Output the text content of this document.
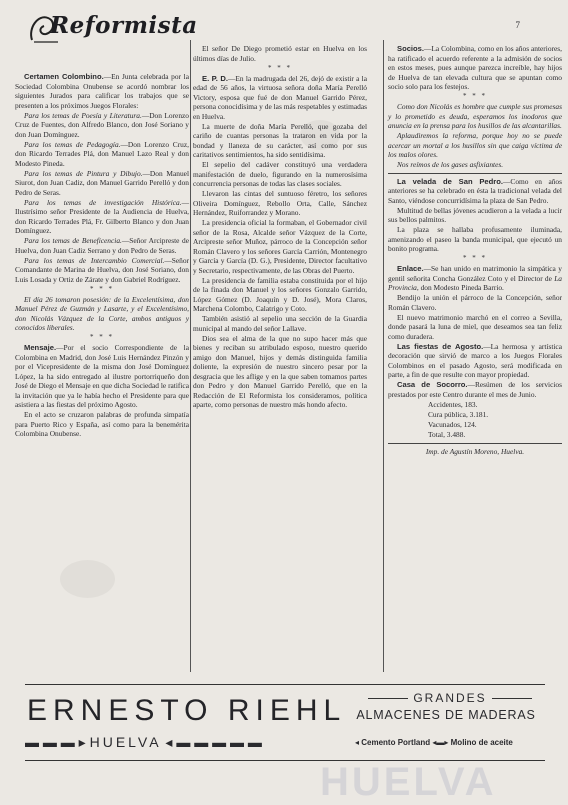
Reformista	7

Certamen Colombino.—En Junta celebrada por la Sociedad Colombina Onubense se acordó nombrar los siguientes Jurados para calificar los trabajos que se presenten a los próximos Juegos Florales:

Para los temas de Poesía y Literatura.—Don Lorenzo Cruz de Fuentes, don Alfredo Blanco, don José Soriano y don Juan Domínguez.

Para los temas de Pedagogía.—Don Lorenzo Cruz, don Ricardo Terrades Plá, don Manuel Lazo Real y don Modesto Pineda.

Para los temas de Pintura y Dibujo.—Don Manuel Siurot, don Juan Cadiz, don Manuel Garrido Perelló y don Pedro de Seras.

Para los temas de investigación Histórica.—Ilustrísimo señor Presidente de la Audiencia de Huelva, don Ricardo Terrades Plá, Fr. Gilberto Blanco y don Juan Domínguez.

Para los temas de Beneficencia.—Señor Arcipreste de Huelva, don Juan Cadiz Serrano y don Pedro de Seras.

Para los temas de Intercambio Comercial.—Señor Comandante de Marina de Huelva, don José Soriano, don Luis Losada y Ortiz de Zárate y don Gabriel Rodríguez.

* * *

El día 26 tomaron posesión: de la Excelentísima, don Manuel Pérez de Guzmán y Lasarte, y el Excelentísimo, don Nicolás Vázquez de la Corte, ambos antiguos y conocidos liberales.

* * *

Mensaje.—Por el socio Correspondiente de la Colombina en Madrid, don José Luis Hernández Pinzón y por el Vicepresidente de la misma don José Domínguez López, la ha sido entregado al ilustre portorriqueño don José de Diego el Mensaje en que dicha Sociedad le ratifica la invitación que ya le había hecho el Presidente para que asistiera a las fiestas del próximo Agosto.

En el acto se cruzaron palabras de profunda simpatía para Puerto Rico y España, así como para la benemérita Colombina Onubense.

El señor De Diego prometió estar en Huelva en los últimos días de Julio.

* * *

E. P. D.—En la madrugada del 26, dejó de existir a la edad de 56 años, la virtuosa señora doña María Perelló Victory, esposa que fué de don Manuel Garrido Pérez, persona conocidísima y de las más respetables y estimadas en Huelva.

La muerte de doña María Perelló, que gozaba del cariño de cuantas personas la trataron en vida por la bondad y llaneza de su carácter, así como por sus caritativos sentimientos, ha sido sentidísima.

El sepelio del cadáver constituyó una verdadera manifestación de duelo, figurando en la numerosísima concurrencia personas de todas las clases sociales.

Llevaron las cintas del suntuoso féretro, los señores Oliveira Domínguez, Rebollo Orta, Calle, Sánchez Hernández, Ruiforrandez y Morano.

La presidencia oficial la formaban, el Gobernador civil señor de la Rosa, Alcalde señor Vázquez de la Corte, Arcipreste señor Muñoz, párroco de la Concepción señor Román Clavero y los señores García Carrión, Montenegro y García y García (D. G.), Presidente, Director facultativo y Secretario, respectivamente, de las Obras del Puerto.

La presidencia de familia estaba constituida por el hijo de la finada don Manuel y los señores Gonzalo Garrido, López Gómez (D. Joaquín y D. José), Mora Claros, Marchena Colombo, Calatrigo y Coto.

También asistió al sepelio una sección de la Guardia municipal al mando del señor Lallave.

Dios sea el alma de la que no supo hacer más que bienes y reciban su atribulado esposo, nuestro querido amigo don Manuel, hijos y demás distinguida familia doliente, la expresión de nuestro sincero pesar por la desgracia que les aflige y en la que saben tomamos partes don Pedro y don Manuel Garrido Perelló, que en la Redacción de El Reformista los consideramos, política aparte, como personas de nuestro más hondo afecto.

Socios.—La Colombina, como en los años anteriores, ha ratificado el acuerdo referente a la admisión de socios en estos meses, pues aunque parezca increíble, hay hijos de Huelva de tan elevada cultura que se apuntan como socio solo para los festejos.

* * *

Como don Nicolás es hombre que cumple sus promesas y lo prometido es deuda, esperamos los inodoros que anuncia en la prensa para los husillos de las alcantarillas.

Aplaudiremos la reforma, porque hoy no se puede acercar un mortal a los husillos sin que caiga víctima de los malos olores.

Nos reímos de los gases asfixiantes.

La velada de San Pedro.—Como en años anteriores se ha celebrado en ésta la tradicional velada del Santo, viéndose concurridísima la plaza de San Pedro.

Multitud de bellas jóvenes acudieron a la velada a lucir sus bellos palmitos.

La plaza se hallaba profusamente iluminada, amenizando el paseo la banda municipal, que ejecutó un bonito programa.

* * *

Enlace.—Se han unido en matrimonio la simpática y gentil señorita Concha González Coto y el Director de La Provincia, don Modesto Pineda Barrio.

Bendijo la unión el párroco de la Concepción, señor Román Clavero.

El nuevo matrimonio marchó en el correo a Sevilla, donde pasará la luna de miel, que deseamos sea tan feliz como duradera.

Las fiestas de Agosto.—La hermosa y artística decoración que sirvió de marco a los Juegos Florales Colombinos en el pasado Agosto, será modificada en parte, a fin de que resulte con mayor propiedad.

Casa de Socorro.—Resúmen de los servicios prestados por este Centro durante el mes de Junio.

Accidentes, 183.

Cura pública, 3.181.

Vacunados, 124.

Total, 3.488.

Imp. de Agustín Moreno, Huelva.

ERNESTO RIEHL	GRANDES
ALMACENES DE MADERAS
▬ ▬ ▬ ▸ HUELVA ◂ ▬ ▬ ▬ ▬ ▬	◂ Cemento Portland ◂▬▸ Molino de aceite
HUELVA
